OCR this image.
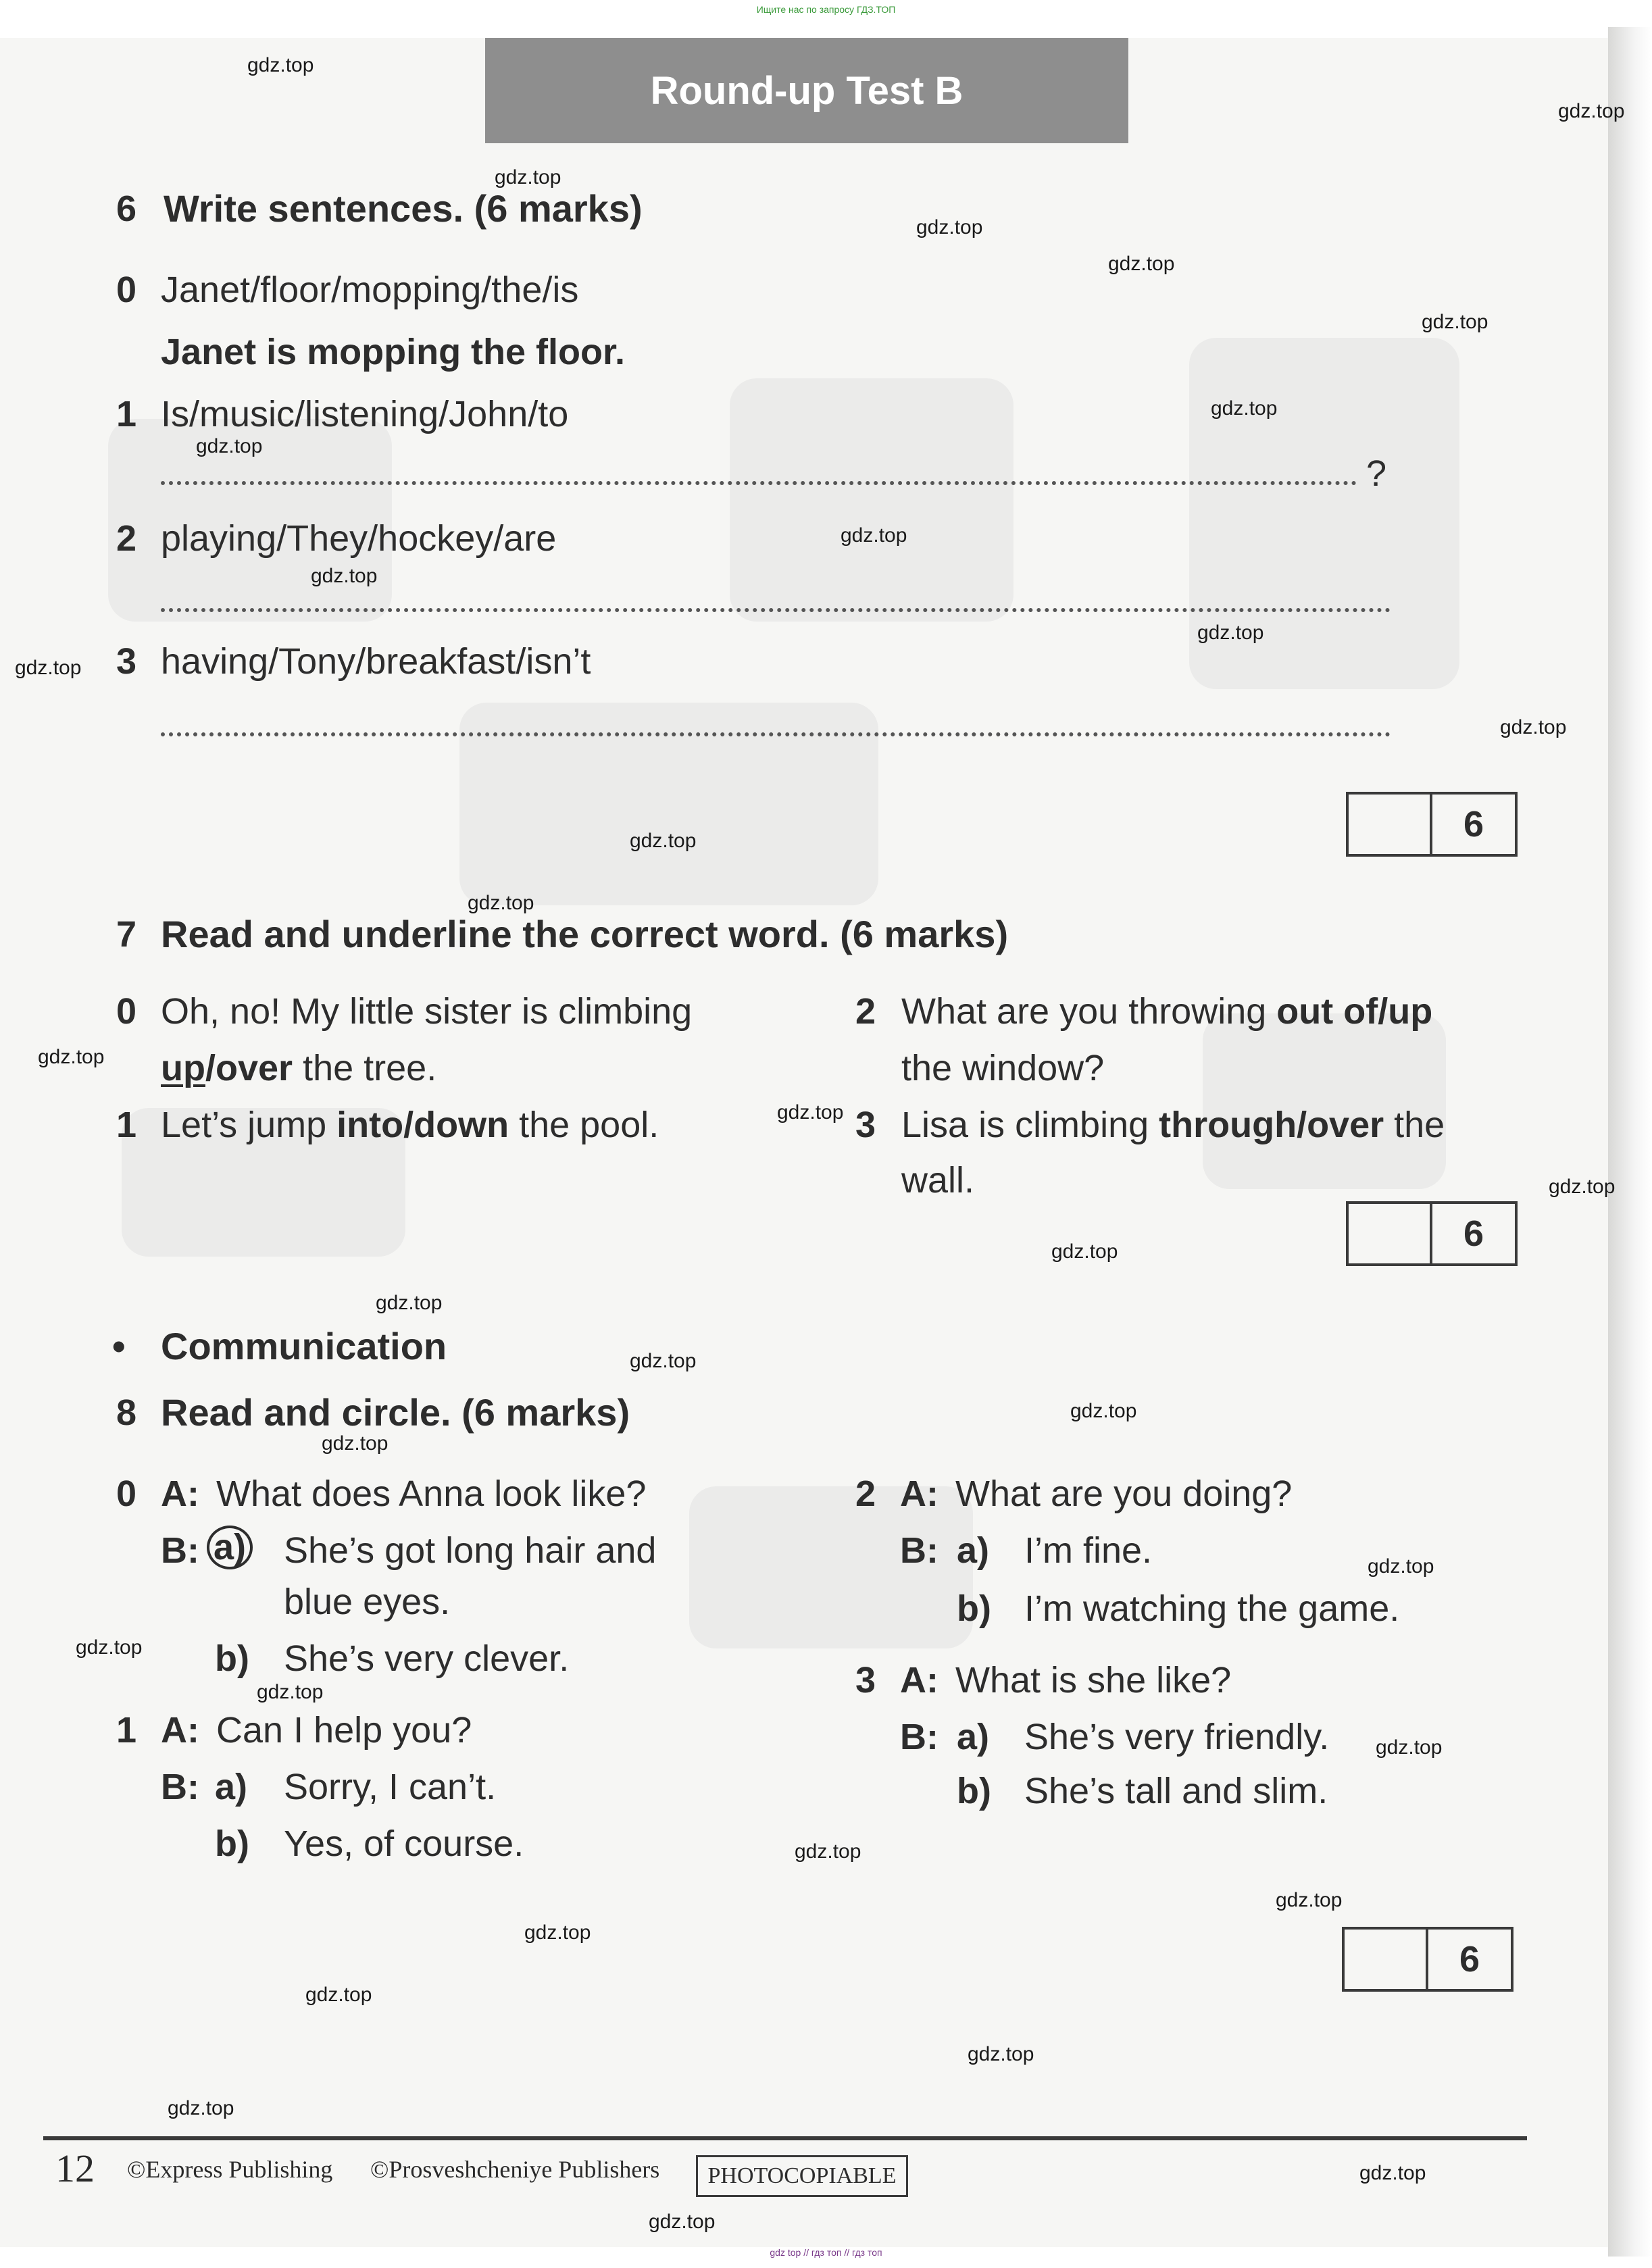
Ищите нас по запросу ГДЗ.ТОП
Round-up Test B
6 Write sentences. (6 marks)
0 Janet/floor/mopping/the/is
Janet is mopping the floor.
1 Is/music/listening/John/to
?
2 playing/They/hockey/are
3 having/Tony/breakfast/isn’t
6
7 Read and underline the correct word. (6 marks)
0 Oh, no! My little sister is climbing
up/over the tree.
1 Let’s jump into/down the pool.
2 What are you throwing out of/up
the window?
3 Lisa is climbing through/over the
wall.
6
• Communication
8 Read and circle. (6 marks)
0 A: What does Anna look like?
B: a) She’s got long hair and
blue eyes.
b) She’s very clever.
1 A: Can I help you?
B: a) Sorry, I can’t.
b) Yes, of course.
2 A: What are you doing?
B: a) I’m fine.
b) I’m watching the game.
3 A: What is she like?
B: a) She’s very friendly.
b) She’s tall and slim.
6
12 ©Express Publishing ©Prosveshcheniye Publishers	PHOTOCOPIABLE
gdz top // гдз топ // гдз топ
gdz.top
gdz.top
gdz.top
gdz.top
gdz.top
gdz.top
gdz.top
gdz.top
gdz.top
gdz.top
gdz.top
gdz.top
gdz.top
gdz.top
gdz.top
gdz.top
gdz.top
gdz.top
gdz.top
gdz.top
gdz.top
gdz.top
gdz.top
gdz.top
gdz.top
gdz.top
gdz.top
gdz.top
gdz.top
gdz.top
gdz.top
gdz.top
gdz.top
gdz.top
gdz.top
